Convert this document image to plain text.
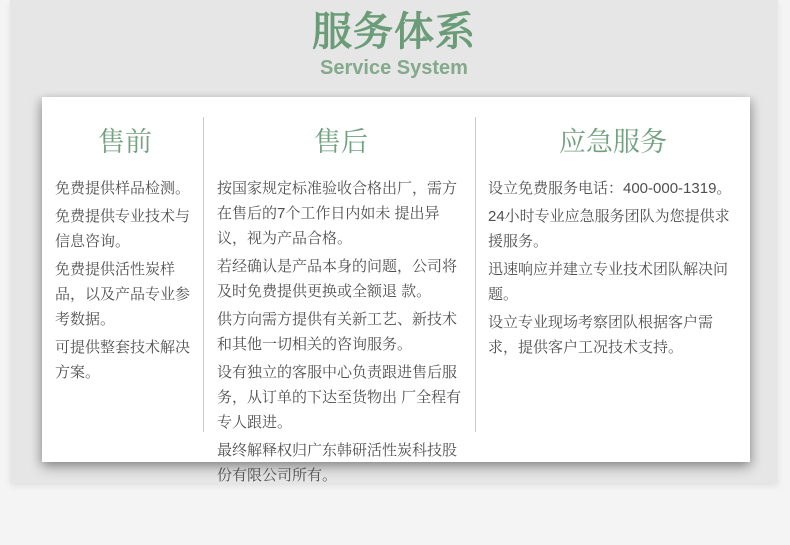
服务体系
Service System
售前

免费提供样品检测。

免费提供专业技术与信息咨询。

免费提供活性炭样品，以及产品专业参考数据。

可提供整套技术解决方案。

售后

按国家规定标准验收合格出厂，需方在售后的7个工作日内如未 提出异议，视为产品合格。

若经确认是产品本身的问题，公司将及时免费提供更换或全额退 款。

供方向需方提供有关新工艺、新技术和其他一切相关的咨询服务。

设有独立的客服中心负责跟进售后服务，从订单的下达至货物出 厂全程有专人跟进。

最终解释权归广东韩研活性炭科技股份有限公司所有。

应急服务

设立免费服务电话：400-000-1319。

24小时专业应急服务团队为您提供求援服务。

迅速响应并建立专业技术团队解决问题。

设立专业现场考察团队根据客户需求，提供客户工况技术支持。
